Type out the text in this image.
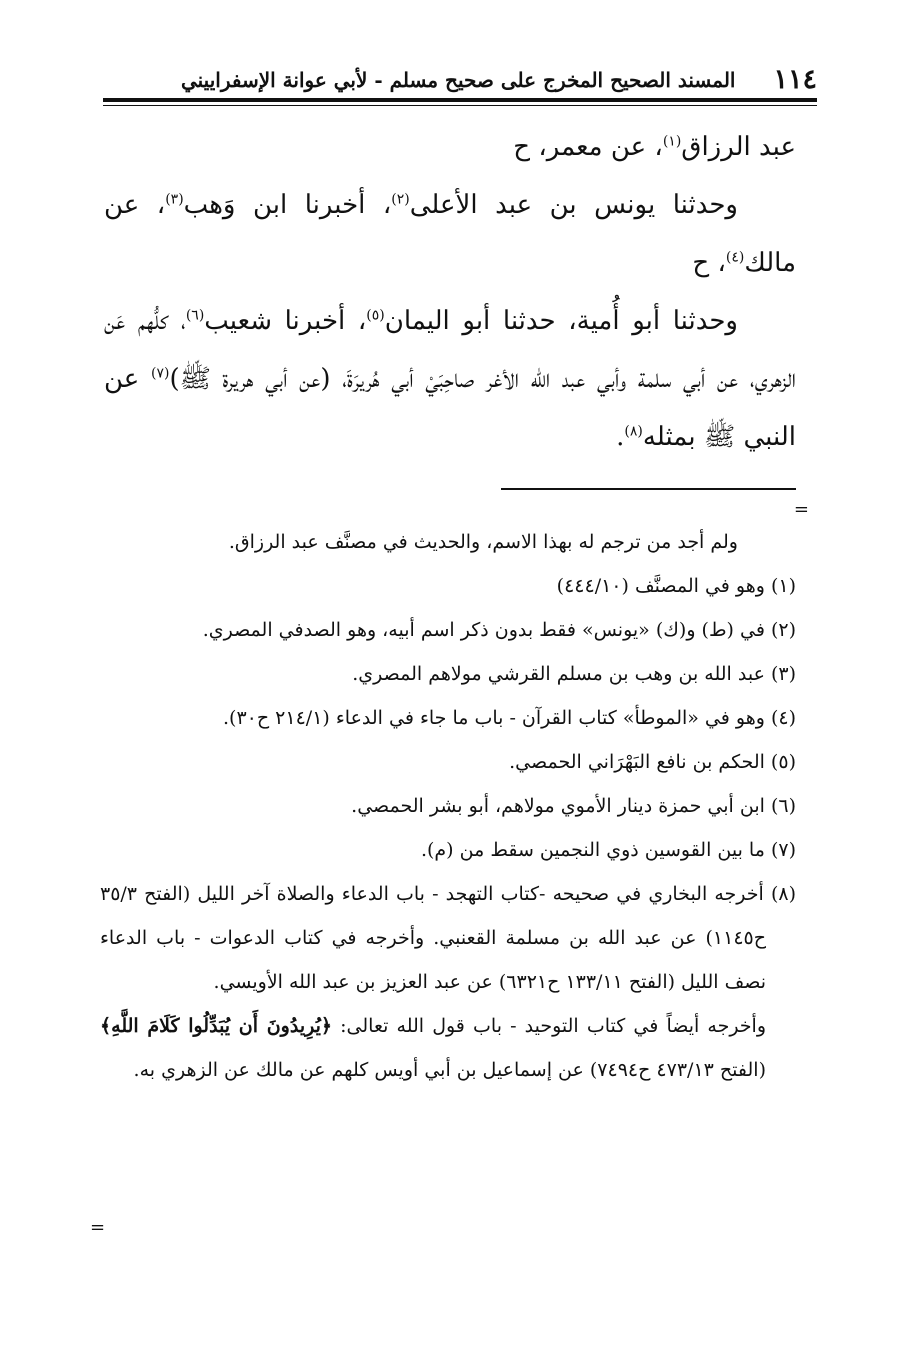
١١٤
المسند الصحيح المخرج على صحيح مسلم - لأبي عوانة الإسفراييني

عبد الرزاق$^{(١)}$، عن معمر، ح

وحدثنا يونس بن عبد الأعلى$^{(٢)}$، أخبرنا ابن وَهب$^{(٣)}$، عن مالك$^{(٤)}$، ح

وحدثنا أبو أُمية، حدثنا أبو اليمان$^{(٥)}$، أخبرنا شعيب$^{(٦)}$، كلُّهم عَن الزهري، عن أبي سلمة وأبي عبد الله الأغر صاحِبَيْ أبي هُريرَةَ، (عن أبي هريرة ﷺ)$^{(٧)}$ عن النبي ﷺ بمثله$^{(٨)}$.

=

ولم أجد من ترجم له بهذا الاسم، والحديث في مصنَّف عبد الرزاق.

(١) وهو في المصنَّف (٤٤٤/١٠)

(٢) في (ط) و(ك) «يونس» فقط بدون ذكر اسم أبيه، وهو الصدفي المصري.

(٣) عبد الله بن وهب بن مسلم القرشي مولاهم المصري.

(٤) وهو في «الموطأ» كتاب القرآن - باب ما جاء في الدعاء (٢١٤/١ ح٣٠).

(٥) الحكم بن نافع البَهْرَاني الحمصي.

(٦) ابن أبي حمزة دينار الأموي مولاهم، أبو بشر الحمصي.

(٧) ما بين القوسين ذوي النجمين سقط من (م).

(٨) أخرجه البخاري في صحيحه -كتاب التهجد - باب الدعاء والصلاة آخر الليل (الفتح ٣٥/٣ ح١١٤٥) عن عبد الله بن مسلمة القعنبي. وأخرجه في كتاب الدعوات - باب الدعاء نصف الليل (الفتح ١٣٣/١١ ح٦٣٢١) عن عبد العزيز بن عبد الله الأويسي.

وأخرجه أيضاً في كتاب التوحيد - باب قول الله تعالى: ﴿يُرِيدُونَ أَن يُبَدِّلُوا كَلَامَ اللَّهِ﴾ (الفتح ٤٧٣/١٣ ح٧٤٩٤) عن إسماعيل بن أبي أويس كلهم عن مالك عن الزهري به.

=
